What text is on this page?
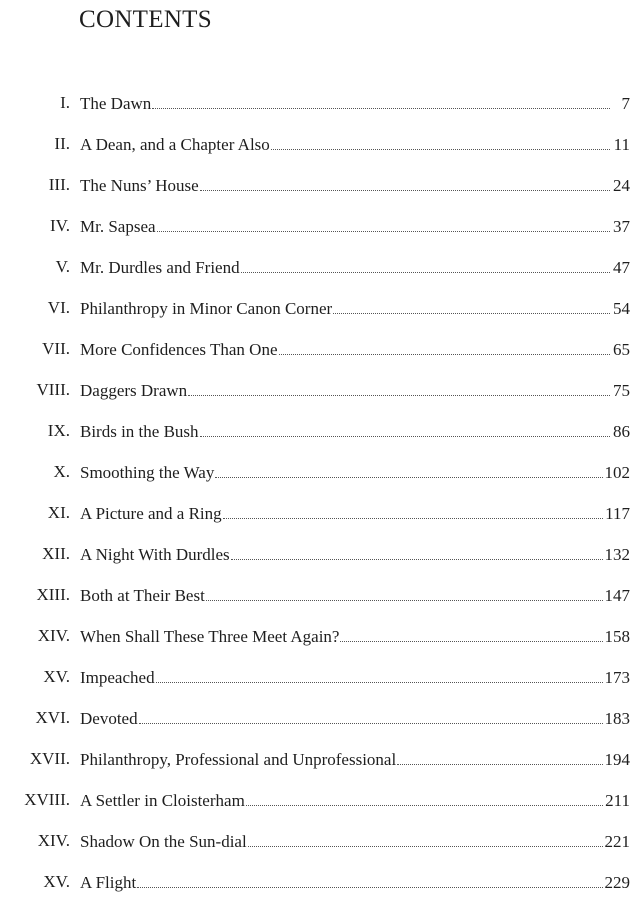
CONTENTS
I. The Dawn	7
II. A Dean, and a Chapter Also	11
III. The Nuns’ House	24
IV. Mr. Sapsea	37
V. Mr. Durdles and Friend	47
VI. Philanthropy in Minor Canon Corner	54
VII. More Confidences Than One	65
VIII. Daggers Drawn	75
IX. Birds in the Bush	86
X. Smoothing the Way	102
XI. A Picture and a Ring	117
XII. A Night With Durdles	132
XIII. Both at Their Best	147
XIV. When Shall These Three Meet Again?	158
XV. Impeached	173
XVI. Devoted	183
XVII. Philanthropy, Professional and Unprofessional	194
XVIII. A Settler in Cloisterham	211
XIV. Shadow On the Sun-dial	221
XV. A Flight	229
